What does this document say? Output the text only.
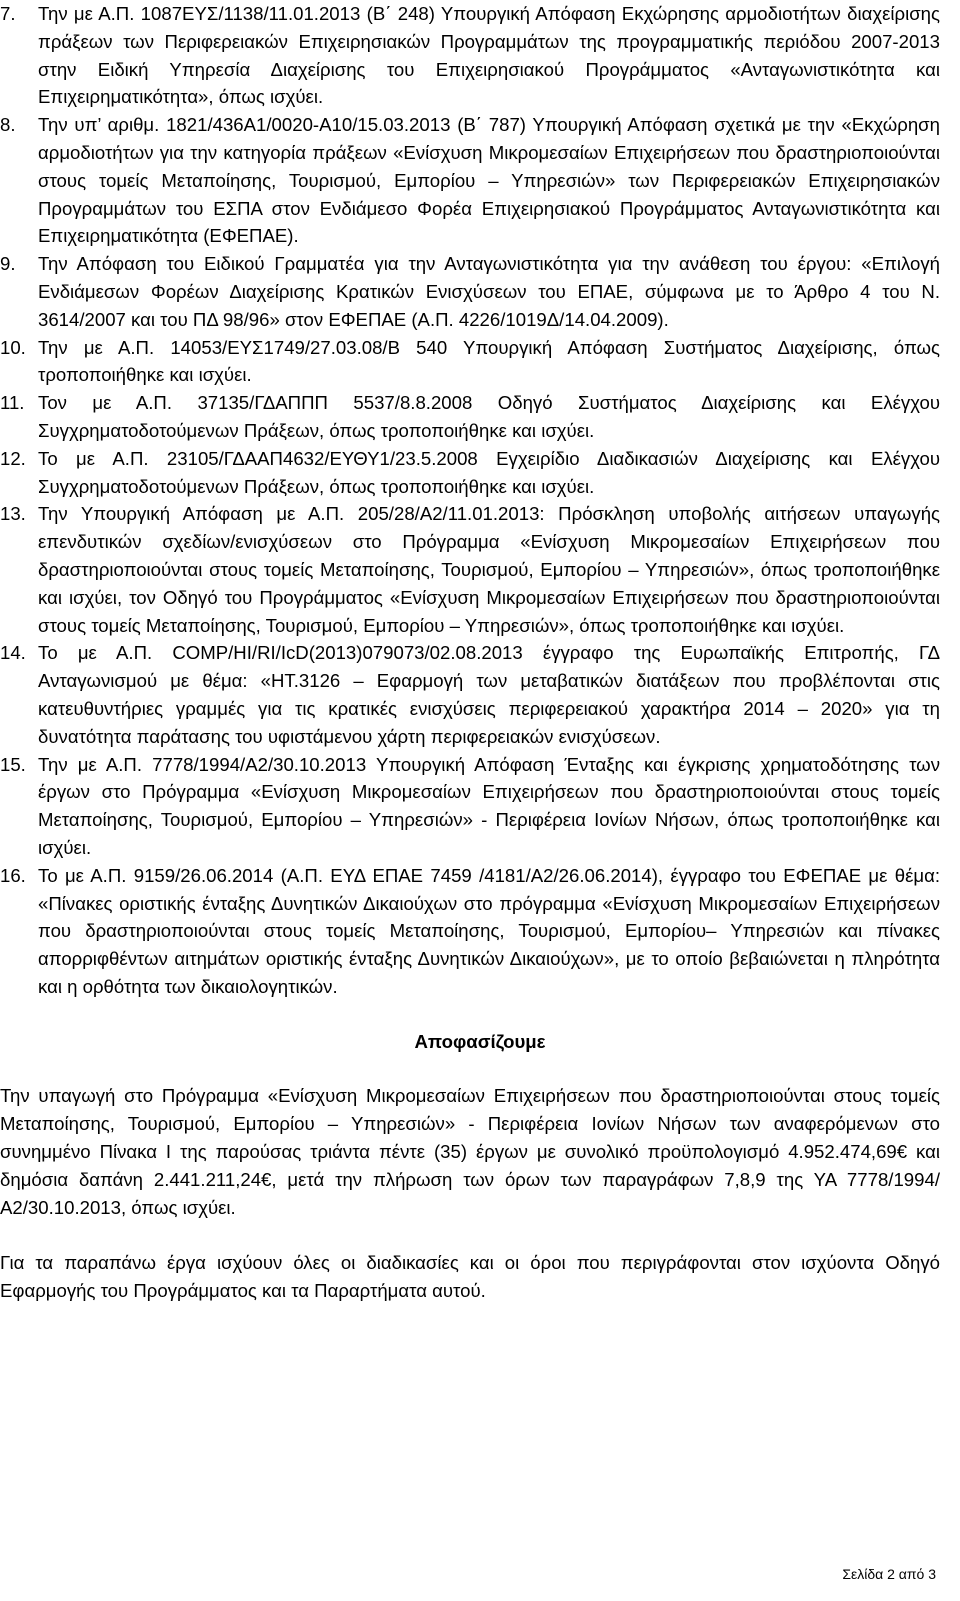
7. Την με Α.Π. 1087ΕΥΣ/1138/11.01.2013 (Β΄ 248) Υπουργική Απόφαση Εκχώρησης αρμοδιοτήτων διαχείρισης πράξεων των Περιφερειακών Επιχειρησιακών Προγραμμάτων της προγραμματικής περιόδου 2007-2013 στην Ειδική Υπηρεσία Διαχείρισης του Επιχειρησιακού Προγράμματος «Ανταγωνιστικότητα και Επιχειρηματικότητα», όπως ισχύει.
8. Την υπ’ αριθμ. 1821/436Α1/0020-Α10/15.03.2013 (Β΄ 787) Υπουργική Απόφαση σχετικά με την «Εκχώρηση αρμοδιοτήτων για την κατηγορία πράξεων «Ενίσχυση Μικρομεσαίων Επιχειρήσεων που δραστηριοποιούνται στους τομείς Μεταποίησης, Τουρισμού, Εμπορίου – Υπηρεσιών» των Περιφερειακών Επιχειρησιακών Προγραμμάτων του ΕΣΠΑ στον Ενδιάμεσο Φορέα Επιχειρησιακού Προγράμματος Ανταγωνιστικότητα και Επιχειρηματικότητα (ΕΦΕΠΑΕ).
9. Την Απόφαση του Ειδικού Γραμματέα για την Ανταγωνιστικότητα για την ανάθεση του έργου: «Επιλογή Ενδιάμεσων Φορέων Διαχείρισης Κρατικών Ενισχύσεων του ΕΠΑΕ, σύμφωνα με το Άρθρο 4 του Ν. 3614/2007 και του ΠΔ 98/96» στον ΕΦΕΠΑΕ (Α.Π. 4226/1019Δ/14.04.2009).
10. Την με Α.Π. 14053/ΕΥΣ1749/27.03.08/Β 540 Υπουργική Απόφαση Συστήματος Διαχείρισης, όπως τροποποιήθηκε και ισχύει.
11. Τον με Α.Π. 37135/ΓΔΑΠΠΠ 5537/8.8.2008 Οδηγό Συστήματος Διαχείρισης και Ελέγχου Συγχρηματοδοτούμενων Πράξεων, όπως τροποποιήθηκε και ισχύει.
12. Το με Α.Π. 23105/ΓΔΑΑΠ4632/ΕΥΘΥ1/23.5.2008 Εγχειρίδιο Διαδικασιών Διαχείρισης και Ελέγχου Συγχρηματοδοτούμενων Πράξεων, όπως τροποποιήθηκε και ισχύει.
13. Την Υπουργική Απόφαση με Α.Π. 205/28/Α2/11.01.2013: Πρόσκληση υποβολής αιτήσεων υπαγωγής επενδυτικών σχεδίων/ενισχύσεων στο Πρόγραμμα «Ενίσχυση Μικρομεσαίων Επιχειρήσεων που δραστηριοποιούνται στους τομείς Μεταποίησης, Τουρισμού, Εμπορίου – Υπηρεσιών», όπως τροποποιήθηκε και ισχύει, τον Οδηγό του Προγράμματος «Ενίσχυση Μικρομεσαίων Επιχειρήσεων που δραστηριοποιούνται στους τομείς Μεταποίησης, Τουρισμού, Εμπορίου – Υπηρεσιών», όπως τροποποιήθηκε και ισχύει.
14. Το με Α.Π. COMP/HI/RI/IcD(2013)079073/02.08.2013 έγγραφο της Ευρωπαϊκής Επιτροπής, ΓΔ Ανταγωνισμού με θέμα: «HT.3126 – Εφαρμογή των μεταβατικών διατάξεων που προβλέπονται στις κατευθυντήριες γραμμές για τις κρατικές ενισχύσεις περιφερειακού χαρακτήρα 2014 – 2020» για τη δυνατότητα παράτασης του υφιστάμενου χάρτη περιφερειακών ενισχύσεων.
15. Την με Α.Π. 7778/1994/Α2/30.10.2013 Υπουργική Απόφαση Ένταξης και έγκρισης χρηματοδότησης των έργων στο Πρόγραμμα «Ενίσχυση Μικρομεσαίων Επιχειρήσεων που δραστηριοποιούνται στους τομείς Μεταποίησης, Τουρισμού, Εμπορίου – Υπηρεσιών» - Περιφέρεια Ιονίων Νήσων, όπως τροποποιήθηκε και ισχύει.
16. Το με Α.Π. 9159/26.06.2014 (Α.Π. ΕΥΔ ΕΠΑΕ 7459 /4181/Α2/26.06.2014), έγγραφο του ΕΦΕΠΑΕ με θέμα: «Πίνακες οριστικής ένταξης Δυνητικών Δικαιούχων στο πρόγραμμα «Ενίσχυση Μικρομεσαίων Επιχειρήσεων που δραστηριοποιούνται στους τομείς Μεταποίησης, Τουρισμού, Εμπορίου– Υπηρεσιών και πίνακες απορριφθέντων αιτημάτων οριστικής ένταξης Δυνητικών Δικαιούχων», με το οποίο βεβαιώνεται η πληρότητα και η ορθότητα των δικαιολογητικών.
Αποφασίζουμε

Την υπαγωγή στο Πρόγραμμα «Ενίσχυση Μικρομεσαίων Επιχειρήσεων που δραστηριοποιούνται στους τομείς Μεταποίησης, Τουρισμού, Εμπορίου – Υπηρεσιών» - Περιφέρεια Ιονίων Νήσων των αναφερόμενων στο συνημμένο Πίνακα Ι της παρούσας τριάντα πέντε (35) έργων με συνολικό προϋπολογισμό 4.952.474,69€ και δημόσια δαπάνη 2.441.211,24€, μετά την πλήρωση των όρων των παραγράφων 7,8,9 της ΥΑ 7778/1994/Α2/30.10.2013, όπως ισχύει.

Για τα παραπάνω έργα ισχύουν όλες οι διαδικασίες και οι όροι που περιγράφονται στον ισχύοντα Οδηγό Εφαρμογής του Προγράμματος και τα Παραρτήματα αυτού.

Σελίδα 2 από 3
